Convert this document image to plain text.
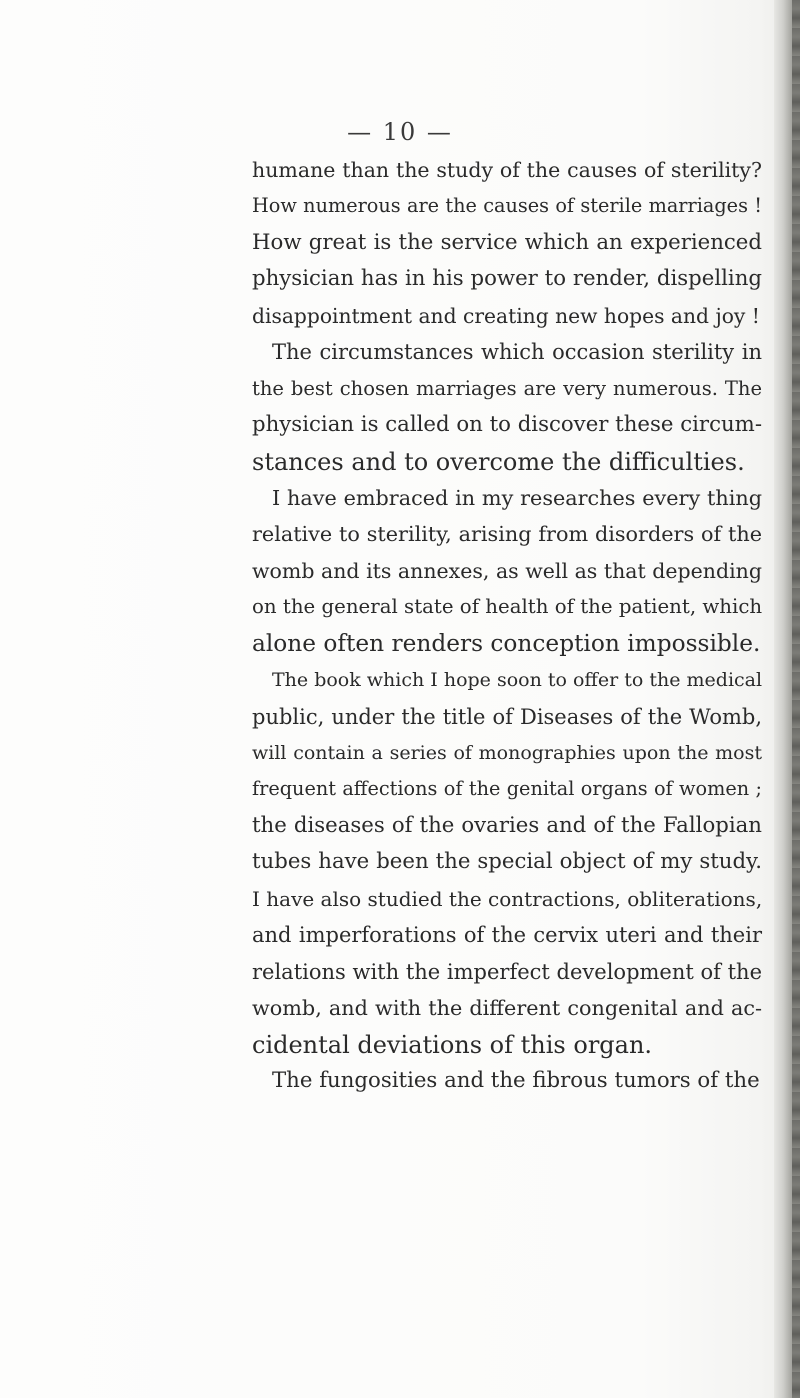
— 10 —
humane than the study of the causes of sterility?
How numerous are the causes of sterile marriages !
How great is the service which an experienced
physician has in his power to render, dispelling
disappointment and creating new hopes and joy !
The circumstances which occasion sterility in
the best chosen marriages are very numerous. The
physician is called on to discover these circum-
stances and to overcome the difficulties.
I have embraced in my researches every thing
relative to sterility, arising from disorders of the
womb and its annexes, as well as that depending
on the general state of health of the patient, which
alone often renders conception impossible.
The book which I hope soon to offer to the medical
public, under the title of Diseases of the Womb,
will contain a series of monographies upon the most
frequent affections of the genital organs of women ;
the diseases of the ovaries and of the Fallopian
tubes have been the special object of my study.
I have also studied the contractions, obliterations,
and imperforations of the cervix uteri and their
relations with the imperfect development of the
womb, and with the different congenital and ac-
cidental deviations of this organ.
The fungosities and the fibrous tumors of the
